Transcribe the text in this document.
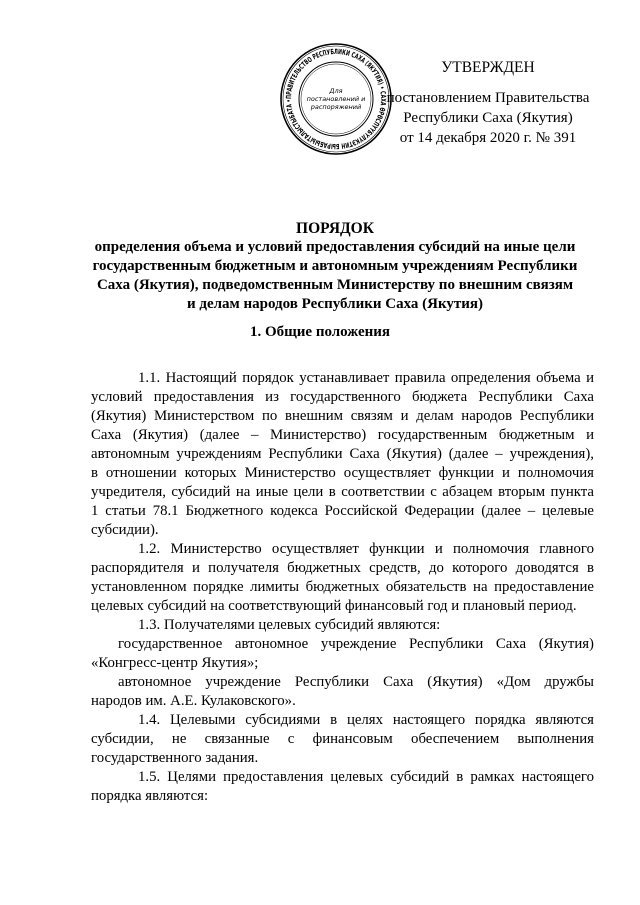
ПРАВИТЕЛЬСТВО РЕСПУБЛИКИ САХА (ЯКУТИЯ) • САХА ӨРӨСПҮҮБҮЛҮКЭТИН БЫРАБЫЫТАЛЫСТЫБАТА •
Для
постановлений и
распоряжений
УТВЕРЖДЕН
постановлением Правительства
Республики Саха (Якутия)
от 14 декабря 2020 г. № 391
ПОРЯДОК
определения объема и условий предоставления субсидий на иные цели
государственным бюджетным и автономным учреждениям Республики
Саха (Якутия), подведомственным Министерству по внешним связям
и делам народов Республики Саха (Якутия)
1. Общие положения
1.1. Настоящий порядок устанавливает правила определения объема и
условий предоставления из государственного бюджета Республики Саха
(Якутия) Министерством по внешним связям и делам народов Республики
Саха (Якутия) (далее – Министерство) государственным бюджетным и
автономным учреждениям Республики Саха (Якутия) (далее – учреждения),
в отношении которых Министерство осуществляет функции и полномочия
учредителя, субсидий на иные цели в соответствии с абзацем вторым пункта
1 статьи 78.1 Бюджетного кодекса Российской Федерации (далее – целевые
субсидии).
1.2. Министерство осуществляет функции и полномочия главного
распорядителя и получателя бюджетных средств, до которого доводятся в
установленном порядке лимиты бюджетных обязательств на предоставление
целевых субсидий на соответствующий финансовый год и плановый период.
1.3. Получателями целевых субсидий являются:
государственное автономное учреждение Республики Саха (Якутия)
«Конгресс-центр Якутия»;
автономное учреждение Республики Саха (Якутия) «Дом дружбы
народов им. А.Е. Кулаковского».
1.4. Целевыми субсидиями в целях настоящего порядка являются
субсидии, не связанные с финансовым обеспечением выполнения
государственного задания.
1.5. Целями предоставления целевых субсидий в рамках настоящего
порядка являются:
